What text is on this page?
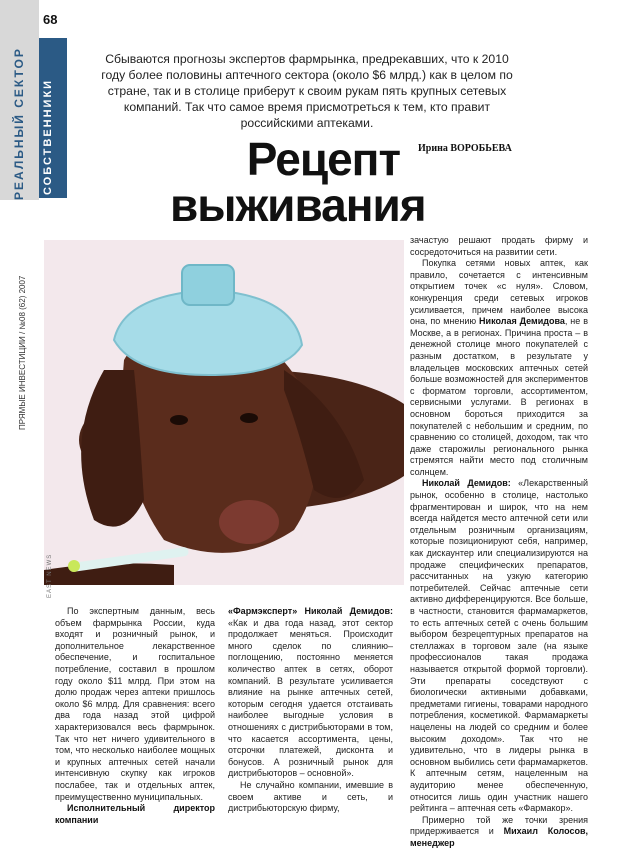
68
РЕАЛЬНЫЙ СЕКТОР СОБСТВЕННИКИ
ПРЯМЫЕ ИНВЕСТИЦИИ / №08 (62) 2007
Сбываются прогнозы экспертов фармрынка, предрекавших, что к 2010 году более половины аптечного сектора (около $6 млрд.) как в целом по стране, так и в столице приберут к своим рукам пять крупных сетевых компаний. Так что самое время присмотреться к тем, кто правит российскими аптеками.
Ирина ВОРОБЬЕВА
Рецепт
выживания
EAST NEWS

По экспертным данным, весь объем фармрынка России, куда входят и розничный рынок, и дополнительное лекарственное обеспечение, и госпитальное потребление, составил в прошлом году около $11 млрд. При этом на долю продаж через аптеки пришлось около $6 млрд. Для сравнения: всего два года назад этой цифрой характеризовался весь фармрынок. Так что нет ничего удивительного в том, что несколько наиболее мощных и крупных аптечных сетей начали интенсивную скупку как игроков послабее, так и отдельных аптек, преимущественно муниципальных.

Исполнительный директор компании

«Фармэксперт» Николай Демидов: «Как и два года назад, этот сектор продолжает меняться. Происходит много сделок по слиянию–поглощению, постоянно меняется количество аптек в сетях, оборот компаний. В результате усиливается влияние на рынке аптечных сетей, которым сегодня удается отстаивать наиболее выгодные условия в отношениях с дистрибьюторами в том, что касается ассортимента, цены, отсрочки платежей, дисконта и бонусов. А розничный рынок для дистрибьюторов – основной».

Не случайно компании, имевшие в своем активе и сеть, и дистрибьюторскую фирму,

зачастую решают продать фирму и сосредоточиться на развитии сети.

Покупка сетями новых аптек, как правило, сочетается с интенсивным открытием точек «с нуля». Словом, конкуренция среди сетевых игроков усиливается, причем наиболее высока она, по мнению Николая Демидова, не в Москве, а в регионах. Причина проста – в денежной столице много покупателей с разным достатком, в результате у владельцев московских аптечных сетей больше возможностей для экспериментов с форматом торговли, ассортиментом, сервисными услугами. В регионах в основном бороться приходится за покупателей с небольшим и средним, по сравнению со столицей, доходом, так что даже старожилы регионального рынка стремятся найти место под столичным солнцем.

Николай Демидов: «Лекарственный рынок, особенно в столице, настолько фрагментирован и широк, что на нем всегда найдется место аптечной сети или отдельным розничным организациям, которые позиционируют себя, например, как дискаунтер или специализируются на продаже специфических препаратов, рассчитанных на узкую категорию потребителей. Сейчас аптечные сети активно дифференцируются. Все больше, в частности, становится фармамаркетов, то есть аптечных сетей с очень большим выбором безрецептурных препаратов на стеллажах в торговом зале (на языке профессионалов такая продажа называется открытой формой торговли). Эти препараты соседствуют с биологически активными добавками, предметами гигиены, товарами народного потребления, косметикой. Фармамаркеты нацелены на людей со средним и более высоким доходом». Так что не удивительно, что в лидеры рынка в основном выбились сети фармамаркетов. К аптечным сетям, нацеленным на аудиторию менее обеспеченную, относится лишь один участник нашего рейтинга – аптечная сеть «Фармакор».

Примерно той же точки зрения придерживается и Михаил Колосов, менеджер
